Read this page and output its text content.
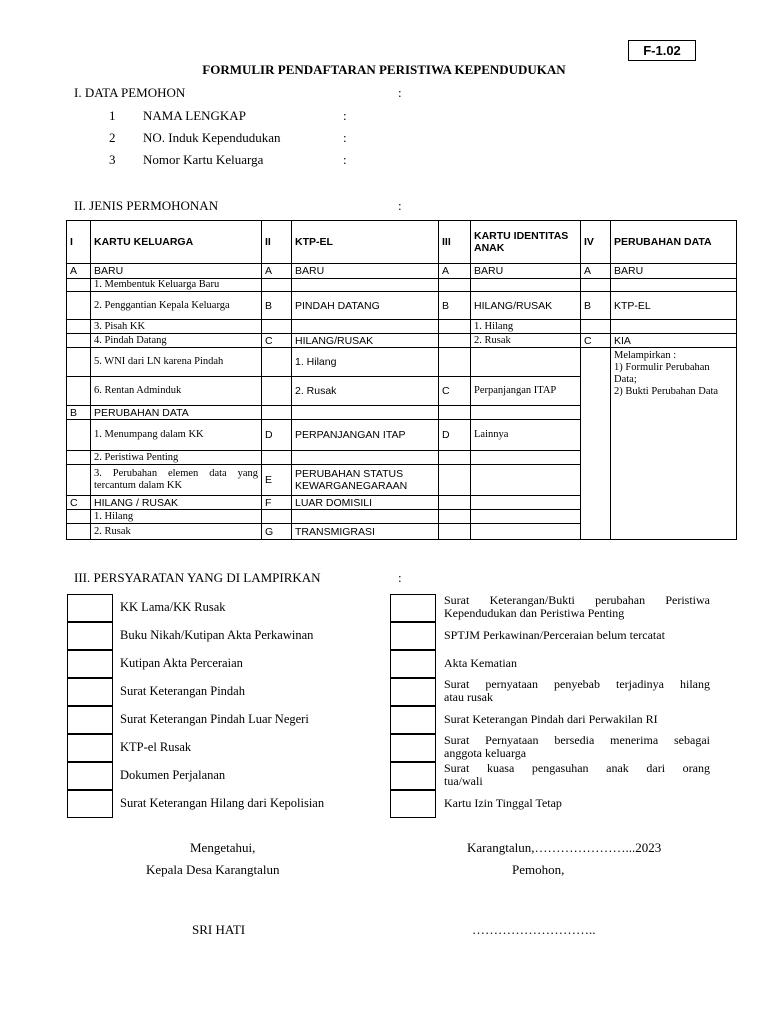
F-1.02
FORMULIR PENDAFTARAN PERISTIWA KEPENDUDUKAN
I. DATA PEMOHON	:
1 NAMA LENGKAP	:
2 NO. Induk Kependudukan	:
3 Nomor Kartu Keluarga	:
II. JENIS PERMOHONAN	:
I	KARTU KELUARGA	II	KTP-EL	III	KARTU IDENTITAS ANAK	IV	PERUBAHAN DATA
A	BARU	A	BARU	A	BARU	A	BARU
	1. Membentuk Keluarga Baru						
	2. Penggantian Kepala Keluarga	B	PINDAH DATANG	B	HILANG/RUSAK	B	KTP-EL
	3. Pisah KK				1. Hilang		
	4. Pindah Datang	C	HILANG/RUSAK		2. Rusak	C	KIA
	5. WNI dari LN karena Pindah		1. Hilang				Melampirkan :
1) Formulir Perubahan Data;
2) Bukti Perubahan Data

	6. Rentan Adminduk		2. Rusak	C	Perpanjangan ITAP		
B	PERUBAHAN DATA						
	1. Menumpang dalam KK	D	PERPANJANGAN ITAP	D	Lainnya		
	2. Peristiwa Penting						
	3. Perubahan elemen data yang tercantum dalam KK	E	PERUBAHAN STATUS KEWARGANEGARAAN				
C	HILANG / RUSAK	F	LUAR DOMISILI				
	1. Hilang						
	2. Rusak	G	TRANSMIGRASI				
III. PERSYARATAN YANG DI LAMPIRKAN	:
KK Lama/KK Rusak
Buku Nikah/Kutipan Akta Perkawinan
Kutipan Akta Perceraian
Surat Keterangan Pindah
Surat Keterangan Pindah Luar Negeri
KTP-el Rusak
Dokumen Perjalanan
Surat Keterangan Hilang dari Kepolisian
Surat Keterangan/Bukti perubahan Peristiwa
Kependudukan dan Peristiwa Penting
SPTJM Perkawinan/Perceraian belum tercatat
Akta Kematian
Surat pernyataan penyebab terjadinya hilang
atau rusak
Surat Keterangan Pindah dari Perwakilan RI
Surat Pernyataan bersedia menerima sebagai
anggota keluarga
Surat kuasa pengasuhan anak dari orang
tua/wali
Kartu Izin Tinggal Tetap
Mengetahui,
Kepala Desa Karangtalun
SRI HATI
Karangtalun,…………………...2023
Pemohon,
………………………..
